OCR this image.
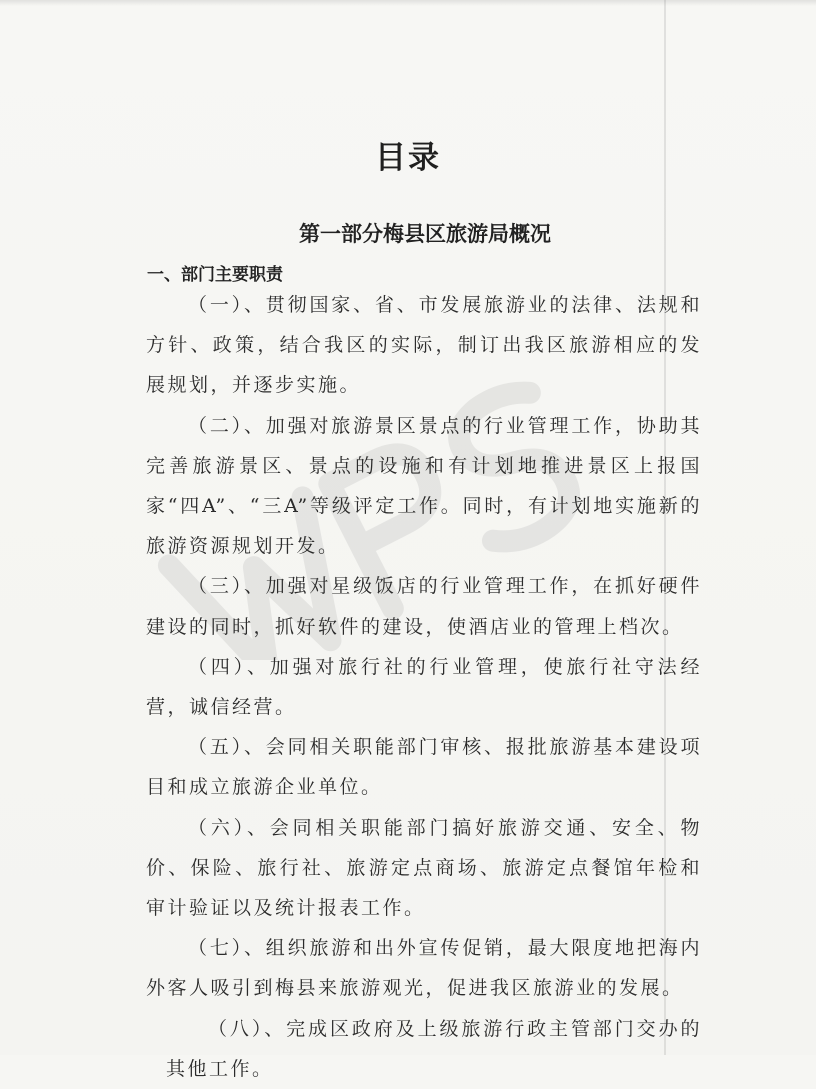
目录
第一部分梅县区旅游局概况
一、部门主要职责

（一）、贯彻国家、省、市发展旅游业的法律、法规和方针、政策，结合我区的实际，制订出我区旅游相应的发展规划，并逐步实施。

（二）、加强对旅游景区景点的行业管理工作，协助其完善旅游景区、景点的设施和有计划地推进景区上报国家“四A”、“三A”等级评定工作。同时，有计划地实施新的旅游资源规划开发。

（三）、加强对星级饭店的行业管理工作，在抓好硬件建设的同时，抓好软件的建设，使酒店业的管理上档次。

（四）、加强对旅行社的行业管理，使旅行社守法经营，诚信经营。

（五）、会同相关职能部门审核、报批旅游基本建设项目和成立旅游企业单位。

（六）、会同相关职能部门搞好旅游交通、安全、物价、保险、旅行社、旅游定点商场、旅游定点餐馆年检和审计验证以及统计报表工作。

（七）、组织旅游和出外宣传促销，最大限度地把海内外客人吸引到梅县来旅游观光，促进我区旅游业的发展。

（八）、完成区政府及上级旅游行政主管部门交办的其他工作。
